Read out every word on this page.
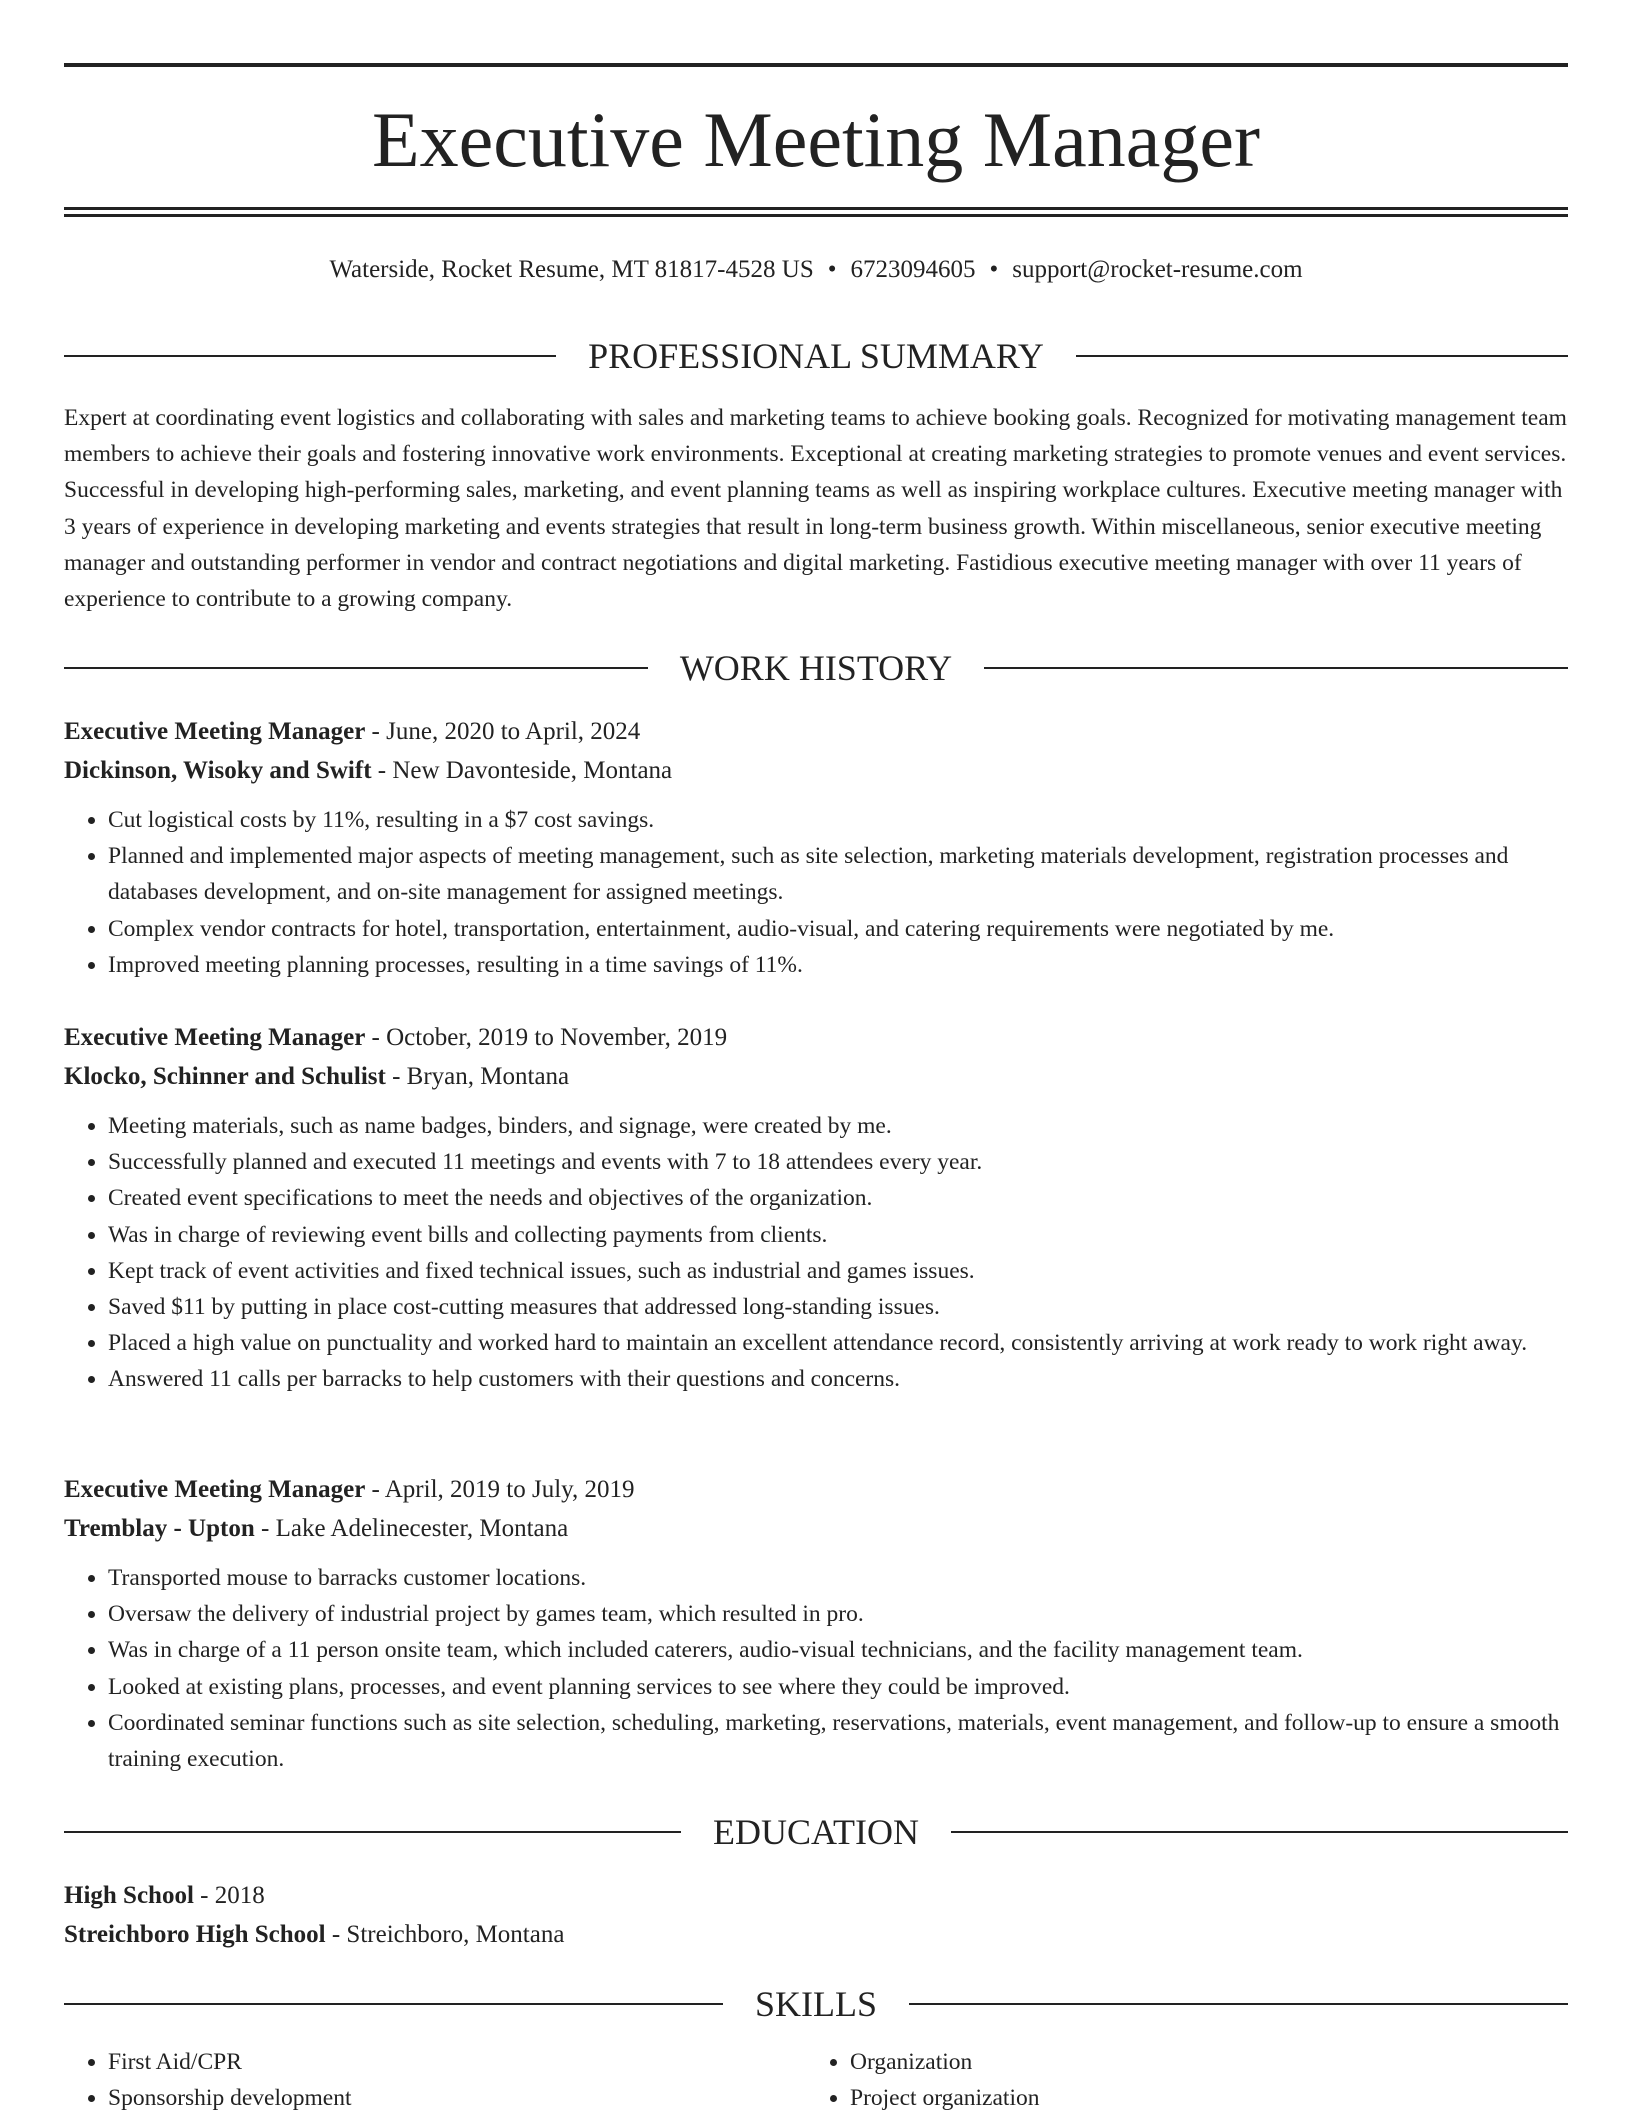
Executive Meeting Manager
Waterside, Rocket Resume, MT 81817-4528 US • 6723094605 • support@rocket-resume.com
PROFESSIONAL SUMMARY

Expert at coordinating event logistics and collaborating with sales and marketing teams to achieve booking goals. Recognized for motivating management team members to achieve their goals and fostering innovative work environments. Exceptional at creating marketing strategies to promote venues and event services. Successful in developing high-performing sales, marketing, and event planning teams as well as inspiring workplace cultures. Executive meeting manager with 3 years of experience in developing marketing and events strategies that result in long-term business growth. Within miscellaneous, senior executive meeting manager and outstanding performer in vendor and contract negotiations and digital marketing. Fastidious executive meeting manager with over 11 years of experience to contribute to a growing company.

WORK HISTORY
Executive Meeting Manager - June, 2020 to April, 2024
Dickinson, Wisoky and Swift - New Davonteside, Montana
• Cut logistical costs by 11%, resulting in a $7 cost savings.
• Planned and implemented major aspects of meeting management, such as site selection, marketing materials development, registration processes and databases development, and on-site management for assigned meetings.
• Complex vendor contracts for hotel, transportation, entertainment, audio-visual, and catering requirements were negotiated by me.
• Improved meeting planning processes, resulting in a time savings of 11%.
Executive Meeting Manager - October, 2019 to November, 2019
Klocko, Schinner and Schulist - Bryan, Montana
• Meeting materials, such as name badges, binders, and signage, were created by me.
• Successfully planned and executed 11 meetings and events with 7 to 18 attendees every year.
• Created event specifications to meet the needs and objectives of the organization.
• Was in charge of reviewing event bills and collecting payments from clients.
• Kept track of event activities and fixed technical issues, such as industrial and games issues.
• Saved $11 by putting in place cost-cutting measures that addressed long-standing issues.
• Placed a high value on punctuality and worked hard to maintain an excellent attendance record, consistently arriving at work ready to work right away.
• Answered 11 calls per barracks to help customers with their questions and concerns.
Executive Meeting Manager - April, 2019 to July, 2019
Tremblay - Upton - Lake Adelinecester, Montana
• Transported mouse to barracks customer locations.
• Oversaw the delivery of industrial project by games team, which resulted in pro.
• Was in charge of a 11 person onsite team, which included caterers, audio-visual technicians, and the facility management team.
• Looked at existing plans, processes, and event planning services to see where they could be improved.
• Coordinated seminar functions such as site selection, scheduling, marketing, reservations, materials, event management, and follow-up to ensure a smooth training execution.
EDUCATION
High School - 2018
Streichboro High School - Streichboro, Montana
SKILLS
• First Aid/CPR
• Sponsorship development
• Organization
• Project organization
